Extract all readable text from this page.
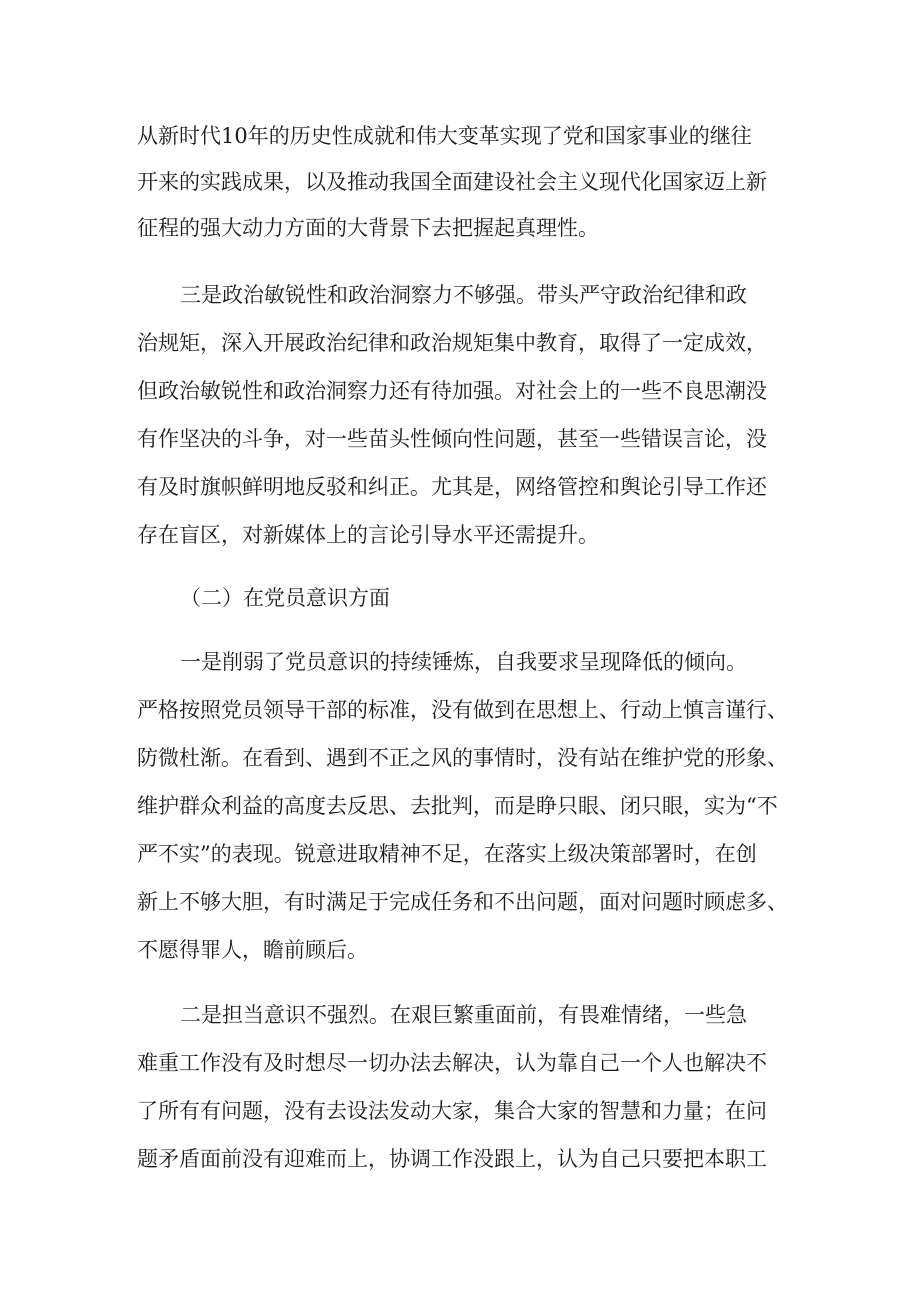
从新时代10年的历史性成就和伟大变革实现了党和国家事业的继往
开来的实践成果，以及推动我国全面建设社会主义现代化国家迈上新
征程的强大动力方面的大背景下去把握起真理性。
三是政治敏锐性和政治洞察力不够强。带头严守政治纪律和政
治规矩，深入开展政治纪律和政治规矩集中教育，取得了一定成效，
但政治敏锐性和政治洞察力还有待加强。对社会上的一些不良思潮没
有作坚决的斗争，对一些苗头性倾向性问题，甚至一些错误言论，没
有及时旗帜鲜明地反驳和纠正。尤其是，网络管控和舆论引导工作还
存在盲区，对新媒体上的言论引导水平还需提升。
（二）在党员意识方面
一是削弱了党员意识的持续锤炼，自我要求呈现降低的倾向。
严格按照党员领导干部的标准，没有做到在思想上、行动上慎言谨行、
防微杜渐。在看到、遇到不正之风的事情时，没有站在维护党的形象、
维护群众利益的高度去反思、去批判，而是睁只眼、闭只眼，实为“不
严不实”的表现。锐意进取精神不足，在落实上级决策部署时，在创
新上不够大胆，有时满足于完成任务和不出问题，面对问题时顾虑多、
不愿得罪人，瞻前顾后。
二是担当意识不强烈。在艰巨繁重面前，有畏难情绪，一些急
难重工作没有及时想尽一切办法去解决，认为靠自己一个人也解决不
了所有有问题，没有去设法发动大家，集合大家的智慧和力量；在问
题矛盾面前没有迎难而上，协调工作没跟上，认为自己只要把本职工
